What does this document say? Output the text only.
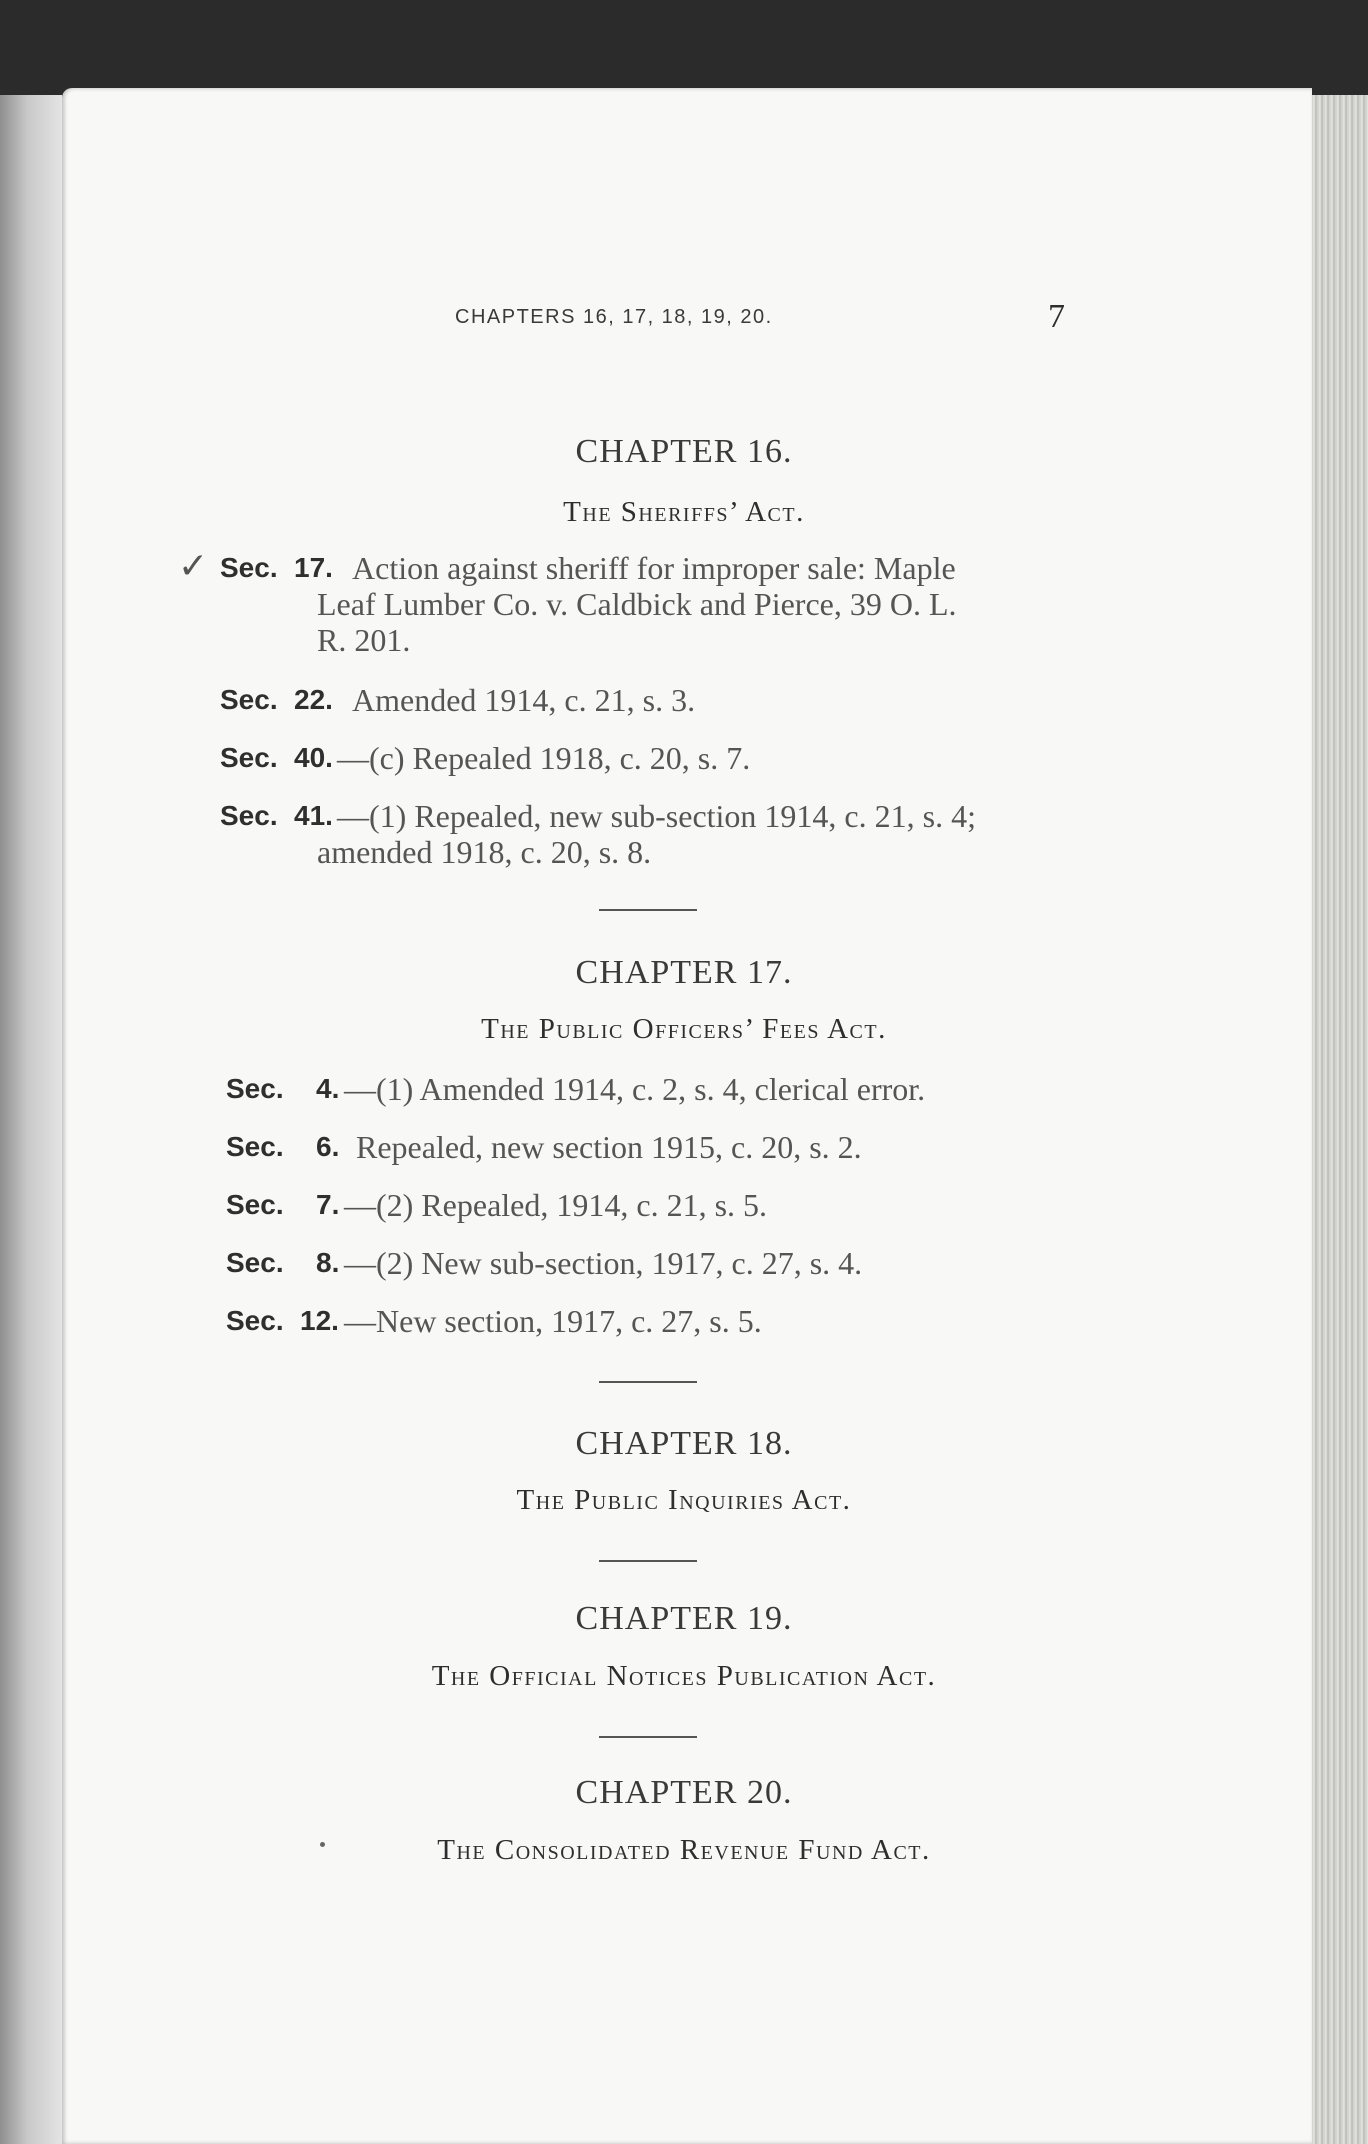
CHAPTERS 16, 17, 18, 19, 20.	7
CHAPTER 16.
The Sheriffs’ Act.
✓ Sec. 17. Action against sheriff for improper sale: Maple
Leaf Lumber Co. v. Caldbick and Pierce, 39 O. L.
R. 201.
Sec. 22. Amended 1914, c. 21, s. 3.
Sec. 40. —(c) Repealed 1918, c. 20, s. 7.
Sec. 41. —(1) Repealed, new sub-section 1914, c. 21, s. 4;
amended 1918, c. 20, s. 8.
CHAPTER 17.
The Public Officers’ Fees Act.
Sec. 4. —(1) Amended 1914, c. 2, s. 4, clerical error.
Sec. 6. Repealed, new section 1915, c. 20, s. 2.
Sec. 7. —(2) Repealed, 1914, c. 21, s. 5.
Sec. 8. —(2) New sub-section, 1917, c. 27, s. 4.
Sec. 12. —New section, 1917, c. 27, s. 5.
CHAPTER 18.
The Public Inquiries Act.
CHAPTER 19.
The Official Notices Publication Act.
CHAPTER 20.
The Consolidated Revenue Fund Act.
